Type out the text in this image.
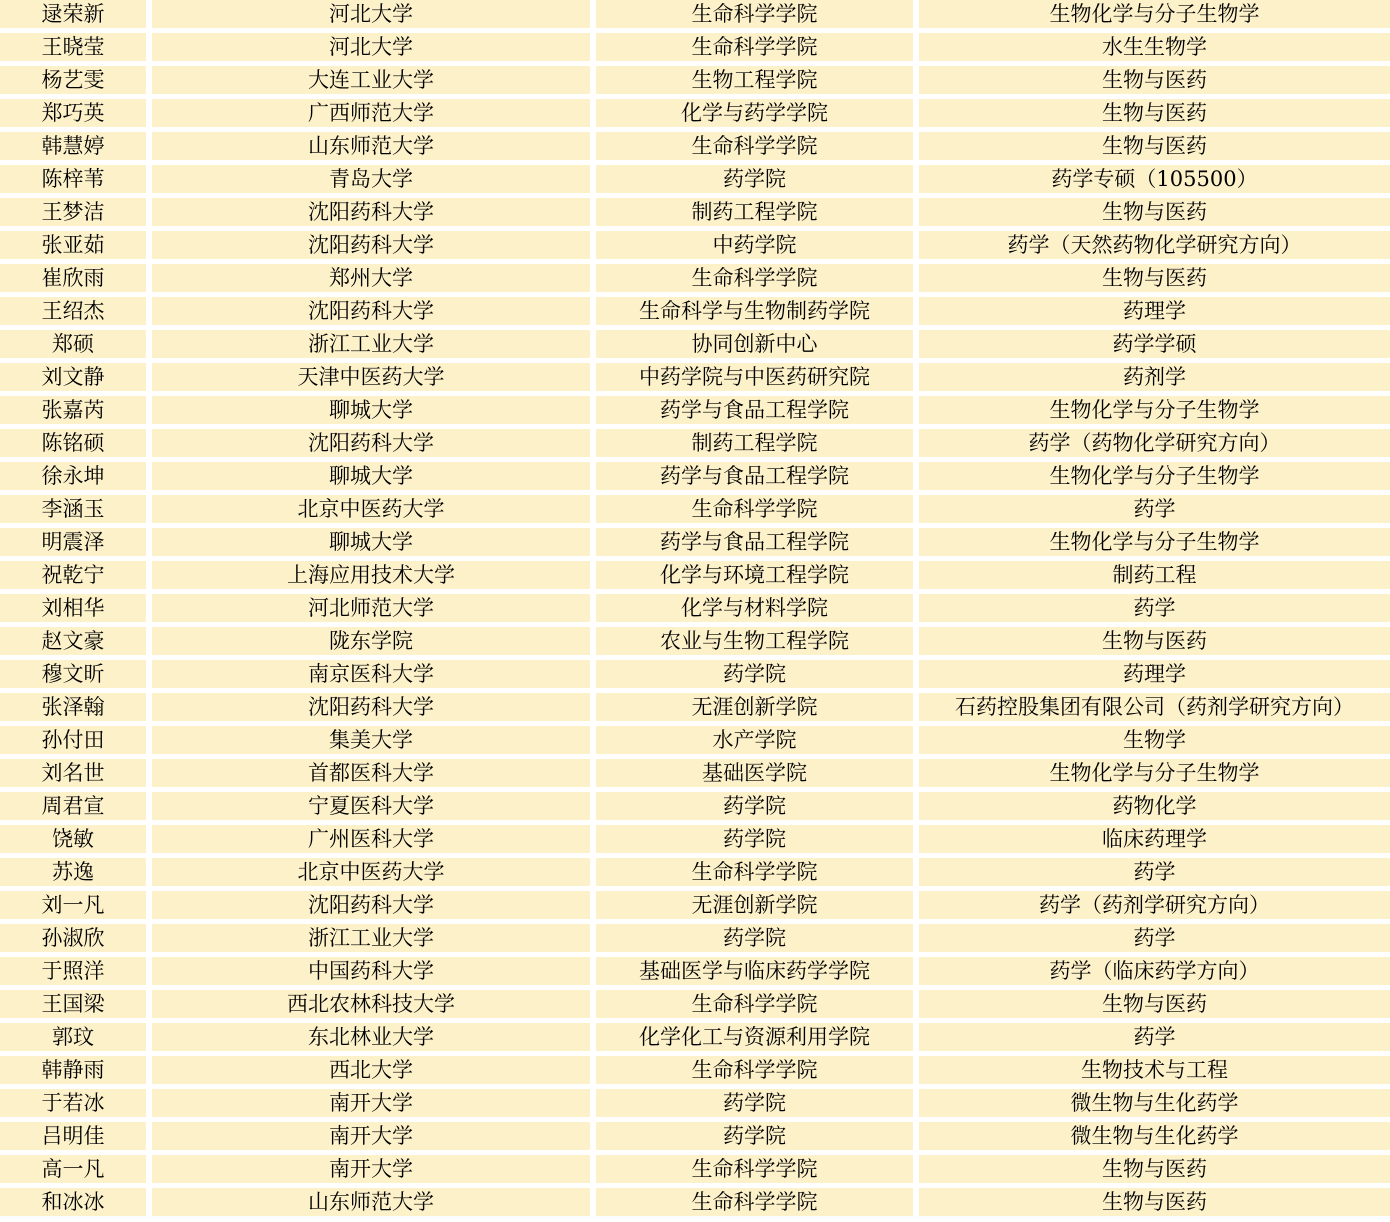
逯荣新	河北大学	生命科学学院	生物化学与分子生物学
王晓莹	河北大学	生命科学学院	水生生物学
杨艺雯	大连工业大学	生物工程学院	生物与医药
郑巧英	广西师范大学	化学与药学学院	生物与医药
韩慧婷	山东师范大学	生命科学学院	生物与医药
陈梓苇	青岛大学	药学院	药学专硕（105500）
王梦洁	沈阳药科大学	制药工程学院	生物与医药
张亚茹	沈阳药科大学	中药学院	药学（天然药物化学研究方向）
崔欣雨	郑州大学	生命科学学院	生物与医药
王绍杰	沈阳药科大学	生命科学与生物制药学院	药理学
郑硕	浙江工业大学	协同创新中心	药学学硕
刘文静	天津中医药大学	中药学院与中医药研究院	药剂学
张嘉芮	聊城大学	药学与食品工程学院	生物化学与分子生物学
陈铭硕	沈阳药科大学	制药工程学院	药学（药物化学研究方向）
徐永坤	聊城大学	药学与食品工程学院	生物化学与分子生物学
李涵玉	北京中医药大学	生命科学学院	药学
明震泽	聊城大学	药学与食品工程学院	生物化学与分子生物学
祝乾宁	上海应用技术大学	化学与环境工程学院	制药工程
刘相华	河北师范大学	化学与材料学院	药学
赵文豪	陇东学院	农业与生物工程学院	生物与医药
穆文昕	南京医科大学	药学院	药理学
张泽翰	沈阳药科大学	无涯创新学院	石药控股集团有限公司（药剂学研究方向）
孙付田	集美大学	水产学院	生物学
刘名世	首都医科大学	基础医学院	生物化学与分子生物学
周君宣	宁夏医科大学	药学院	药物化学
饶敏	广州医科大学	药学院	临床药理学
苏逸	北京中医药大学	生命科学学院	药学
刘一凡	沈阳药科大学	无涯创新学院	药学（药剂学研究方向）
孙淑欣	浙江工业大学	药学院	药学
于照洋	中国药科大学	基础医学与临床药学学院	药学（临床药学方向）
王国梁	西北农林科技大学	生命科学学院	生物与医药
郭玟	东北林业大学	化学化工与资源利用学院	药学
韩静雨	西北大学	生命科学学院	生物技术与工程
于若冰	南开大学	药学院	微生物与生化药学
吕明佳	南开大学	药学院	微生物与生化药学
高一凡	南开大学	生命科学学院	生物与医药
和冰冰	山东师范大学	生命科学学院	生物与医药
